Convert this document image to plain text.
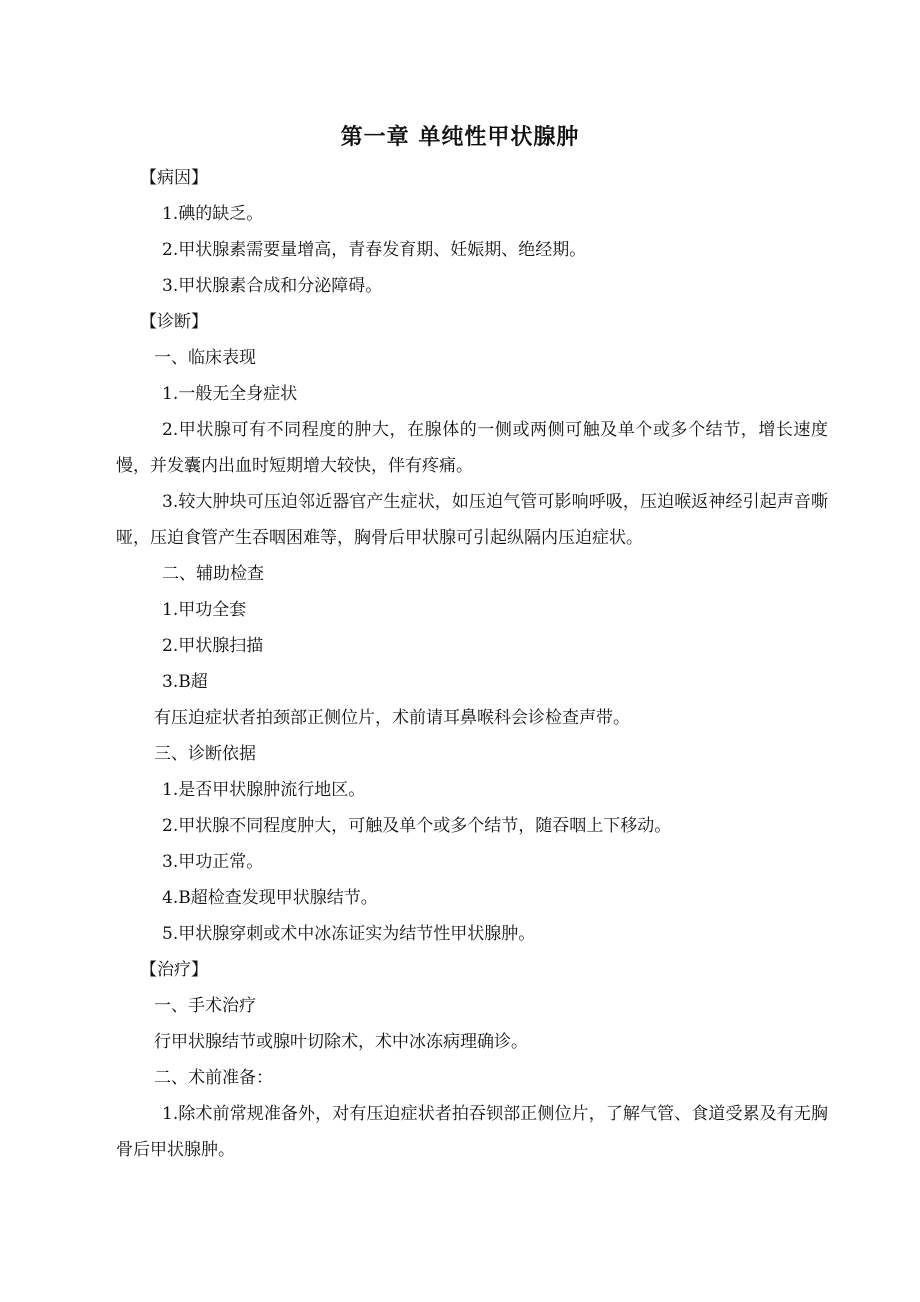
第一章 单纯性甲状腺肿

【病因】

1.碘的缺乏。

2.甲状腺素需要量增高，青春发育期、妊娠期、绝经期。

3.甲状腺素合成和分泌障碍。

【诊断】

一、临床表现

1.一般无全身症状

2.甲状腺可有不同程度的肿大，在腺体的一侧或两侧可触及单个或多个结节，增长速度慢，并发囊内出血时短期增大较快，伴有疼痛。

3.较大肿块可压迫邻近器官产生症状，如压迫气管可影响呼吸，压迫喉返神经引起声音嘶哑，压迫食管产生吞咽困难等，胸骨后甲状腺可引起纵隔内压迫症状。

二、辅助检查

1.甲功全套

2.甲状腺扫描

3.B超

有压迫症状者拍颈部正侧位片，术前请耳鼻喉科会诊检查声带。

三、诊断依据

1.是否甲状腺肿流行地区。

2.甲状腺不同程度肿大，可触及单个或多个结节，随吞咽上下移动。

3.甲功正常。

4.B超检查发现甲状腺结节。

5.甲状腺穿刺或术中冰冻证实为结节性甲状腺肿。

【治疗】

一、手术治疗

行甲状腺结节或腺叶切除术，术中冰冻病理确诊。

二、术前准备：

1.除术前常规准备外，对有压迫症状者拍吞钡部正侧位片，了解气管、食道受累及有无胸骨后甲状腺肿。
